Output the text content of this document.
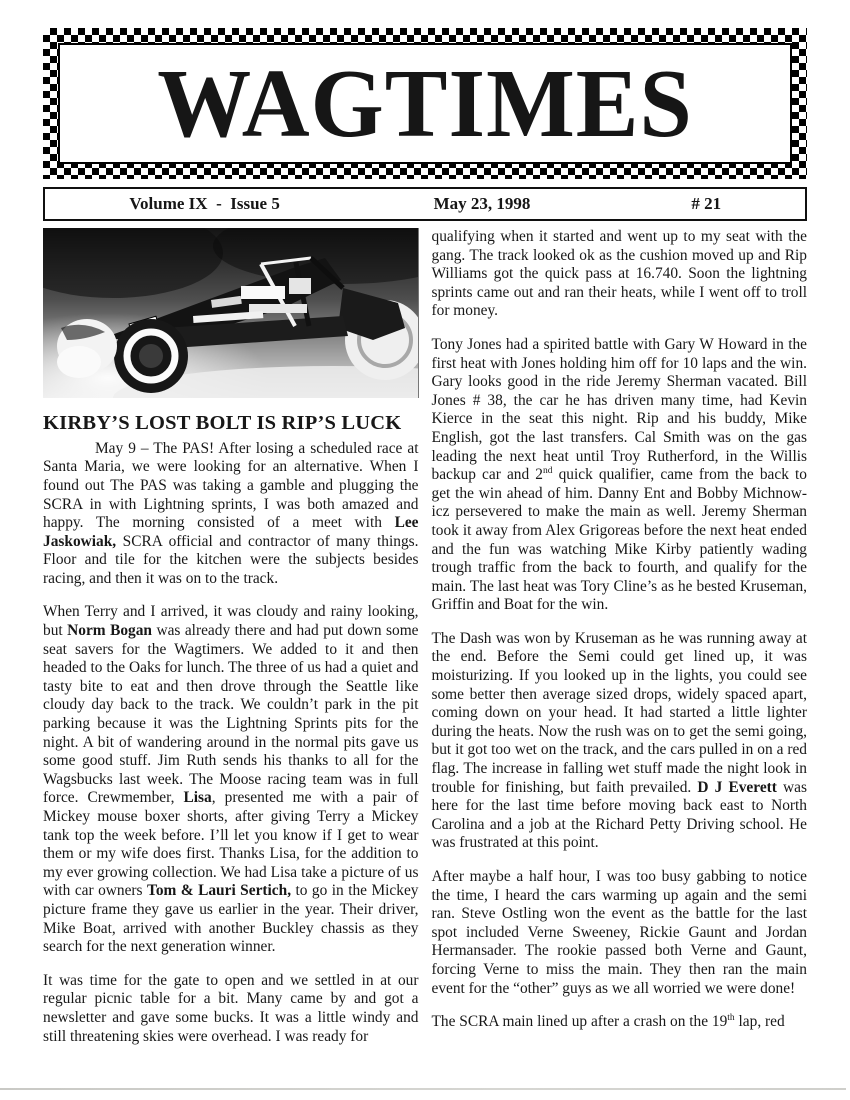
WAGTIMES
Volume IX  -  Issue 5	May 23, 1998	# 21
KIRBY’S LOST BOLT IS RIP’S LUCK

May 9 – The PAS! After losing a scheduled race at Santa Maria, we were looking for an alternative. When I found out The PAS was taking a gamble and plugging the SCRA in with Lightning sprints, I was both amazed and happy. The morning consisted of a meet with Lee Jaskowiak, SCRA official and contractor of many things. Floor and tile for the kitchen were the subjects besides racing, and then it was on to the track.

When Terry and I arrived, it was cloudy and rainy looking, but Norm Bogan was already there and had put down some seat savers for the Wagtimers. We added to it and then headed to the Oaks for lunch. The three of us had a quiet and tasty bite to eat and then drove through the Seattle like cloudy day back to the track. We couldn’t park in the pit parking because it was the Lightning Sprints pits for the night. A bit of wandering around in the normal pits gave us some good stuff. Jim Ruth sends his thanks to all for the Wagsbucks last week. The Moose racing team was in full force. Crewmember, Lisa, presented me with a pair of Mickey mouse boxer shorts, after giving Terry a Mickey tank top the week before. I’ll let you know if I get to wear them or my wife does first. Thanks Lisa, for the addition to my ever growing collection. We had Lisa take a picture of us with car owners Tom & Lauri Sertich, to go in the Mickey picture frame they gave us earlier in the year. Their driver, Mike Boat, arrived with another Buckley chassis as they search for the next generation winner.

It was time for the gate to open and we settled in at our regular picnic table for a bit. Many came by and got a newsletter and gave some bucks. It was a little windy and still threatening skies were overhead. I was ready for

qualifying when it started and went up to my seat with the gang. The track looked ok as the cushion moved up and Rip Williams got the quick pass at 16.740. Soon the lightning sprints came out and ran their heats, while I went off to troll for money.

Tony Jones had a spirited battle with Gary W Howard in the first heat with Jones holding him off for 10 laps and the win. Gary looks good in the ride Jeremy Sherman vacated. Bill Jones # 38, the car he has driven many time, had Kevin Kierce in the seat this night. Rip and his buddy, Mike English, got the last transfers. Cal Smith was on the gas leading the next heat until Troy Rutherford, in the Willis backup car and 2nd quick qualifier, came from the back to get the win ahead of him. Danny Ent and Bobby Michnow-icz persevered to make the main as well. Jeremy Sherman took it away from Alex Grigoreas before the next heat ended and the fun was watching Mike Kirby patiently wading trough traffic from the back to fourth, and qualify for the main. The last heat was Tory Cline’s as he bested Kruseman, Griffin and Boat for the win.

The Dash was won by Kruseman as he was running away at the end. Before the Semi could get lined up, it was moisturizing. If you looked up in the lights, you could see some better then average sized drops, widely spaced apart, coming down on your head. It had started a little lighter during the heats. Now the rush was on to get the semi going, but it got too wet on the track, and the cars pulled in on a red flag. The increase in falling wet stuff made the night look in trouble for finishing, but faith prevailed. D J Everett was here for the last time before moving back east to North Carolina and a job at the Richard Petty Driving school. He was frustrated at this point.

After maybe a half hour, I was too busy gabbing to notice the time, I heard the cars warming up again and the semi ran. Steve Ostling won the event as the battle for the last spot included Verne Sweeney, Rickie Gaunt and Jordan Hermansader. The rookie passed both Verne and Gaunt, forcing Verne to miss the main. They then ran the main event for the “other” guys as we all worried we were done!

The SCRA main lined up after a crash on the 19th lap, red
